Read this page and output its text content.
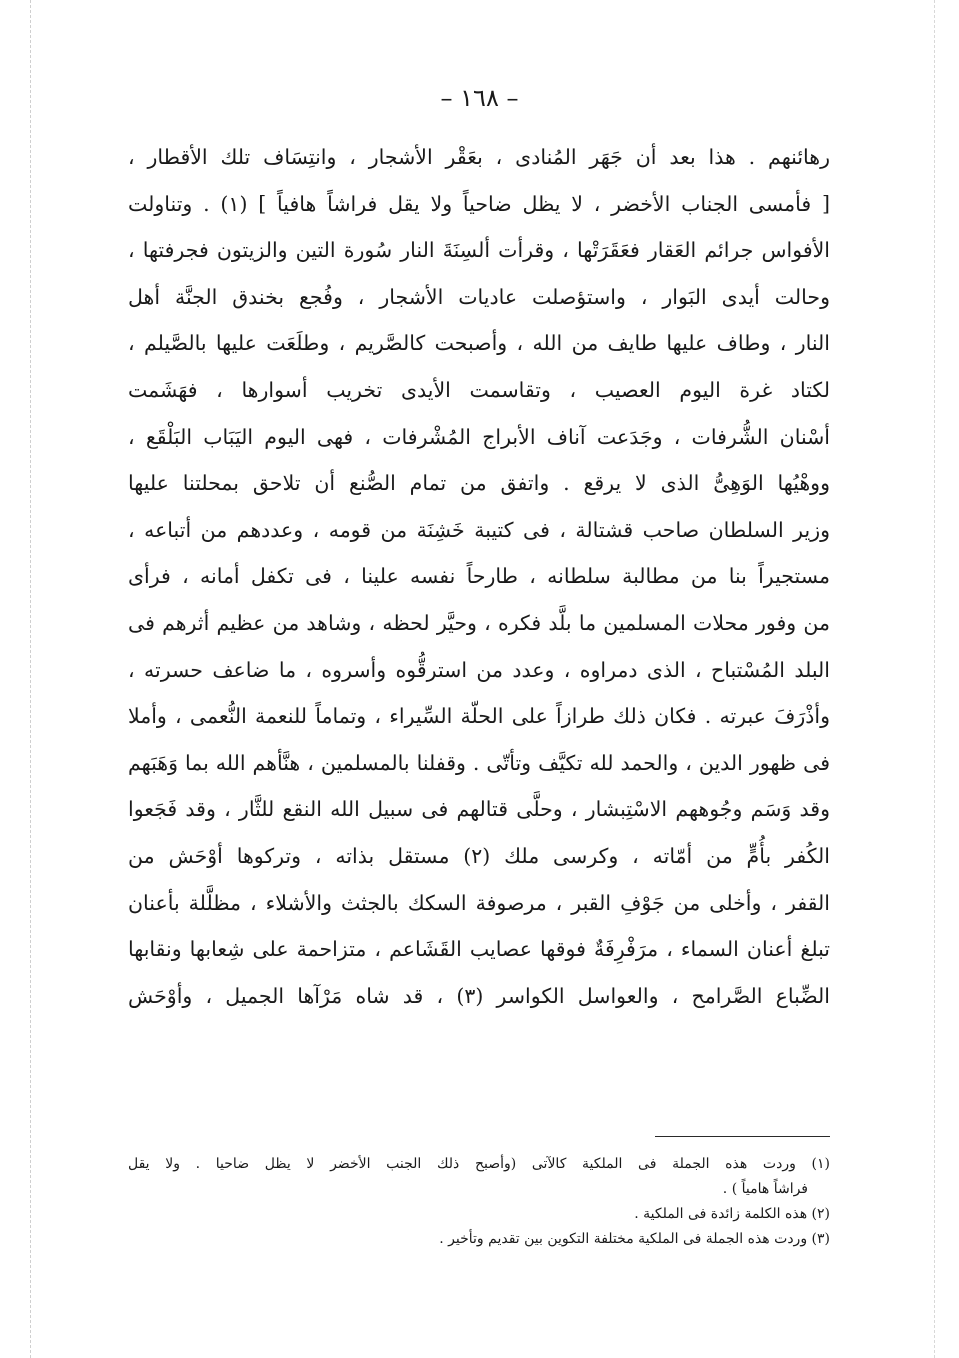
– ١٦٨ –
رهائنهم . هذا بعد أن جَهَر المُنادى ، بعَقْر الأشجار ، وانتِسَاف تلك الأقطار ،
[ فأمسى الجناب الأخضر ، لا يظل ضاحياً ولا يقل فراشاً هافياً ] (١) . وتناولت
الأفواس جرائم العَقار فعَقَرَتْها ، وقرأت ألسِنَةَ النار سُورة التين والزيتون فجرفتها ،
وحالت أيدى البَوار ، واستؤصلت عاديات الأشجار ، وفُجع بخندق الجنَّة أهل
النار ، وطاف عليها طايف من الله ، وأصبحت كالصَّريم ، وطلَعَت عليها بالصَّيلم ،
لكتاد غرة اليوم العصيب ، وتقاسمت الأيدى تخريب أسوارها ، فهَشَمت
أسْنان الشُّرفات ، وجَدَعت آناف الأبراج المُشْرفات ، فهى اليوم اليَبَاب البَلْقَع ،
ووهْيُها الوَهِىُّ الذى لا يرقع . واتفق من تمام الصُّنع أن تلاحق بمحلتنا عليها
وزير السلطان صاحب قشتالة ، فى كتيبة خَشِنَة من قومه ، وعددهم من أتباعه ،
مستجيراً بنا من مطالبة سلطانه ، طارحاً نفسه علينا ، فى تكفل أمانه ، فرأى
من وفور محلات المسلمين ما بلَّد فكره ، وحيَّر لحظه ، وشاهد من عظيم أثرهم فى
البلد المُسْتباح ، الذى دمراوه ، وعدد من استرقُّوه وأسروه ، ما ضاعف حسرته ،
وأذْرَفَ عبرته . فكان ذلك طرازاً على الحلّة السِّيراء ، وتماماً للنعمة النُّعمى ، وأملا
فى ظهور الدين ، والحمد لله تكيَّف وتأتّى . وقفلنا بالمسلمين ، هنَّأهم الله بما وَهَبَهم
وقد وَسَم وجُوههم الاسْتِبشار ، وحلَّى قتالهم فى سبيل الله النقع للثَّار ، وقد فَجَعوا
الكُفر بأُمٍّ من أمّاته ، وكرسى ملك (٢) مستقل بذاته ، وتركوها أوْحَش من
القفر ، وأخلى من جَوْفِ القبر ، مرصوفة السكك بالجثث والأشلاء ، مظلَّلة بأعنان
تبلغ أعنان السماء ، مرَفْرِفَةٌ فوقها عصايب القَشَاعم ، متزاحمة على شِعابها ونقابها
الضِّباع الصَّرامح ، والعواسل الكواسر (٣) ، قد شاه مَرْآها الجميل ، وأوْحَش
(١) وردت هذه الجملة فى الملكية كالآتى (وأصبح ذلك الجنب الأخضر لا يظل ضاحيا . ولا يقل
فراشاً هامياً ) .
(٢) هذه الكلمة زائدة فى الملكية .
(٣) وردت هذه الجملة فى الملكية مختلفة التكوين بين تقديم وتأخير .
